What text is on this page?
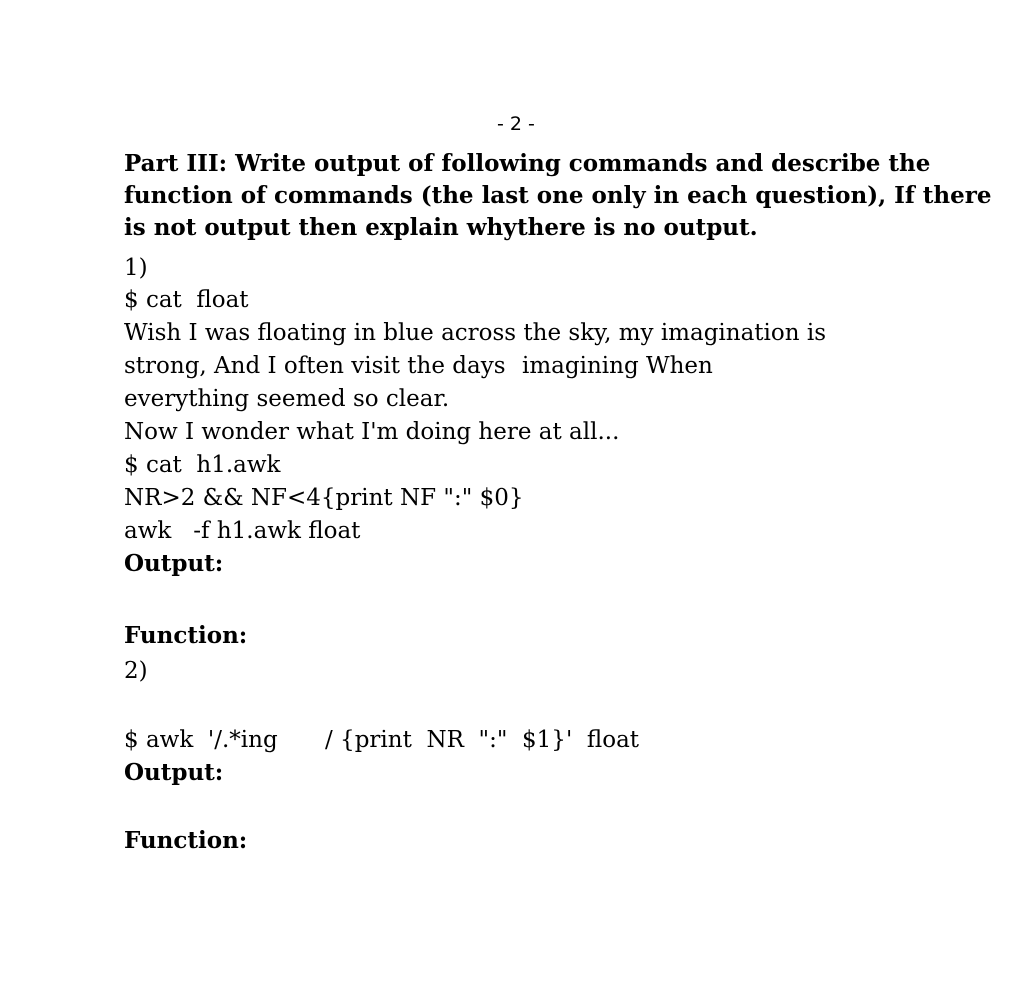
- 2 -
Part III: Write output of following commands and describe the
function of commands (the last one only in each question), If there
is not output then explain why there is no output.
1)
$ cat  float
Wish I was floating in blue across the sky, my imagination is
strong, And I often visit the days imagining When
everything seemed so clear.
Now I wonder what I'm doing here at all...
$ cat  h1.awk
NR>2 && NF<4{print NF ":" $0}
awk   -f h1.awk float
Output:
Function:
2)
$ awk  '/.*ing / {print  NR  ":"  $1}'  float
Output:
Function:
